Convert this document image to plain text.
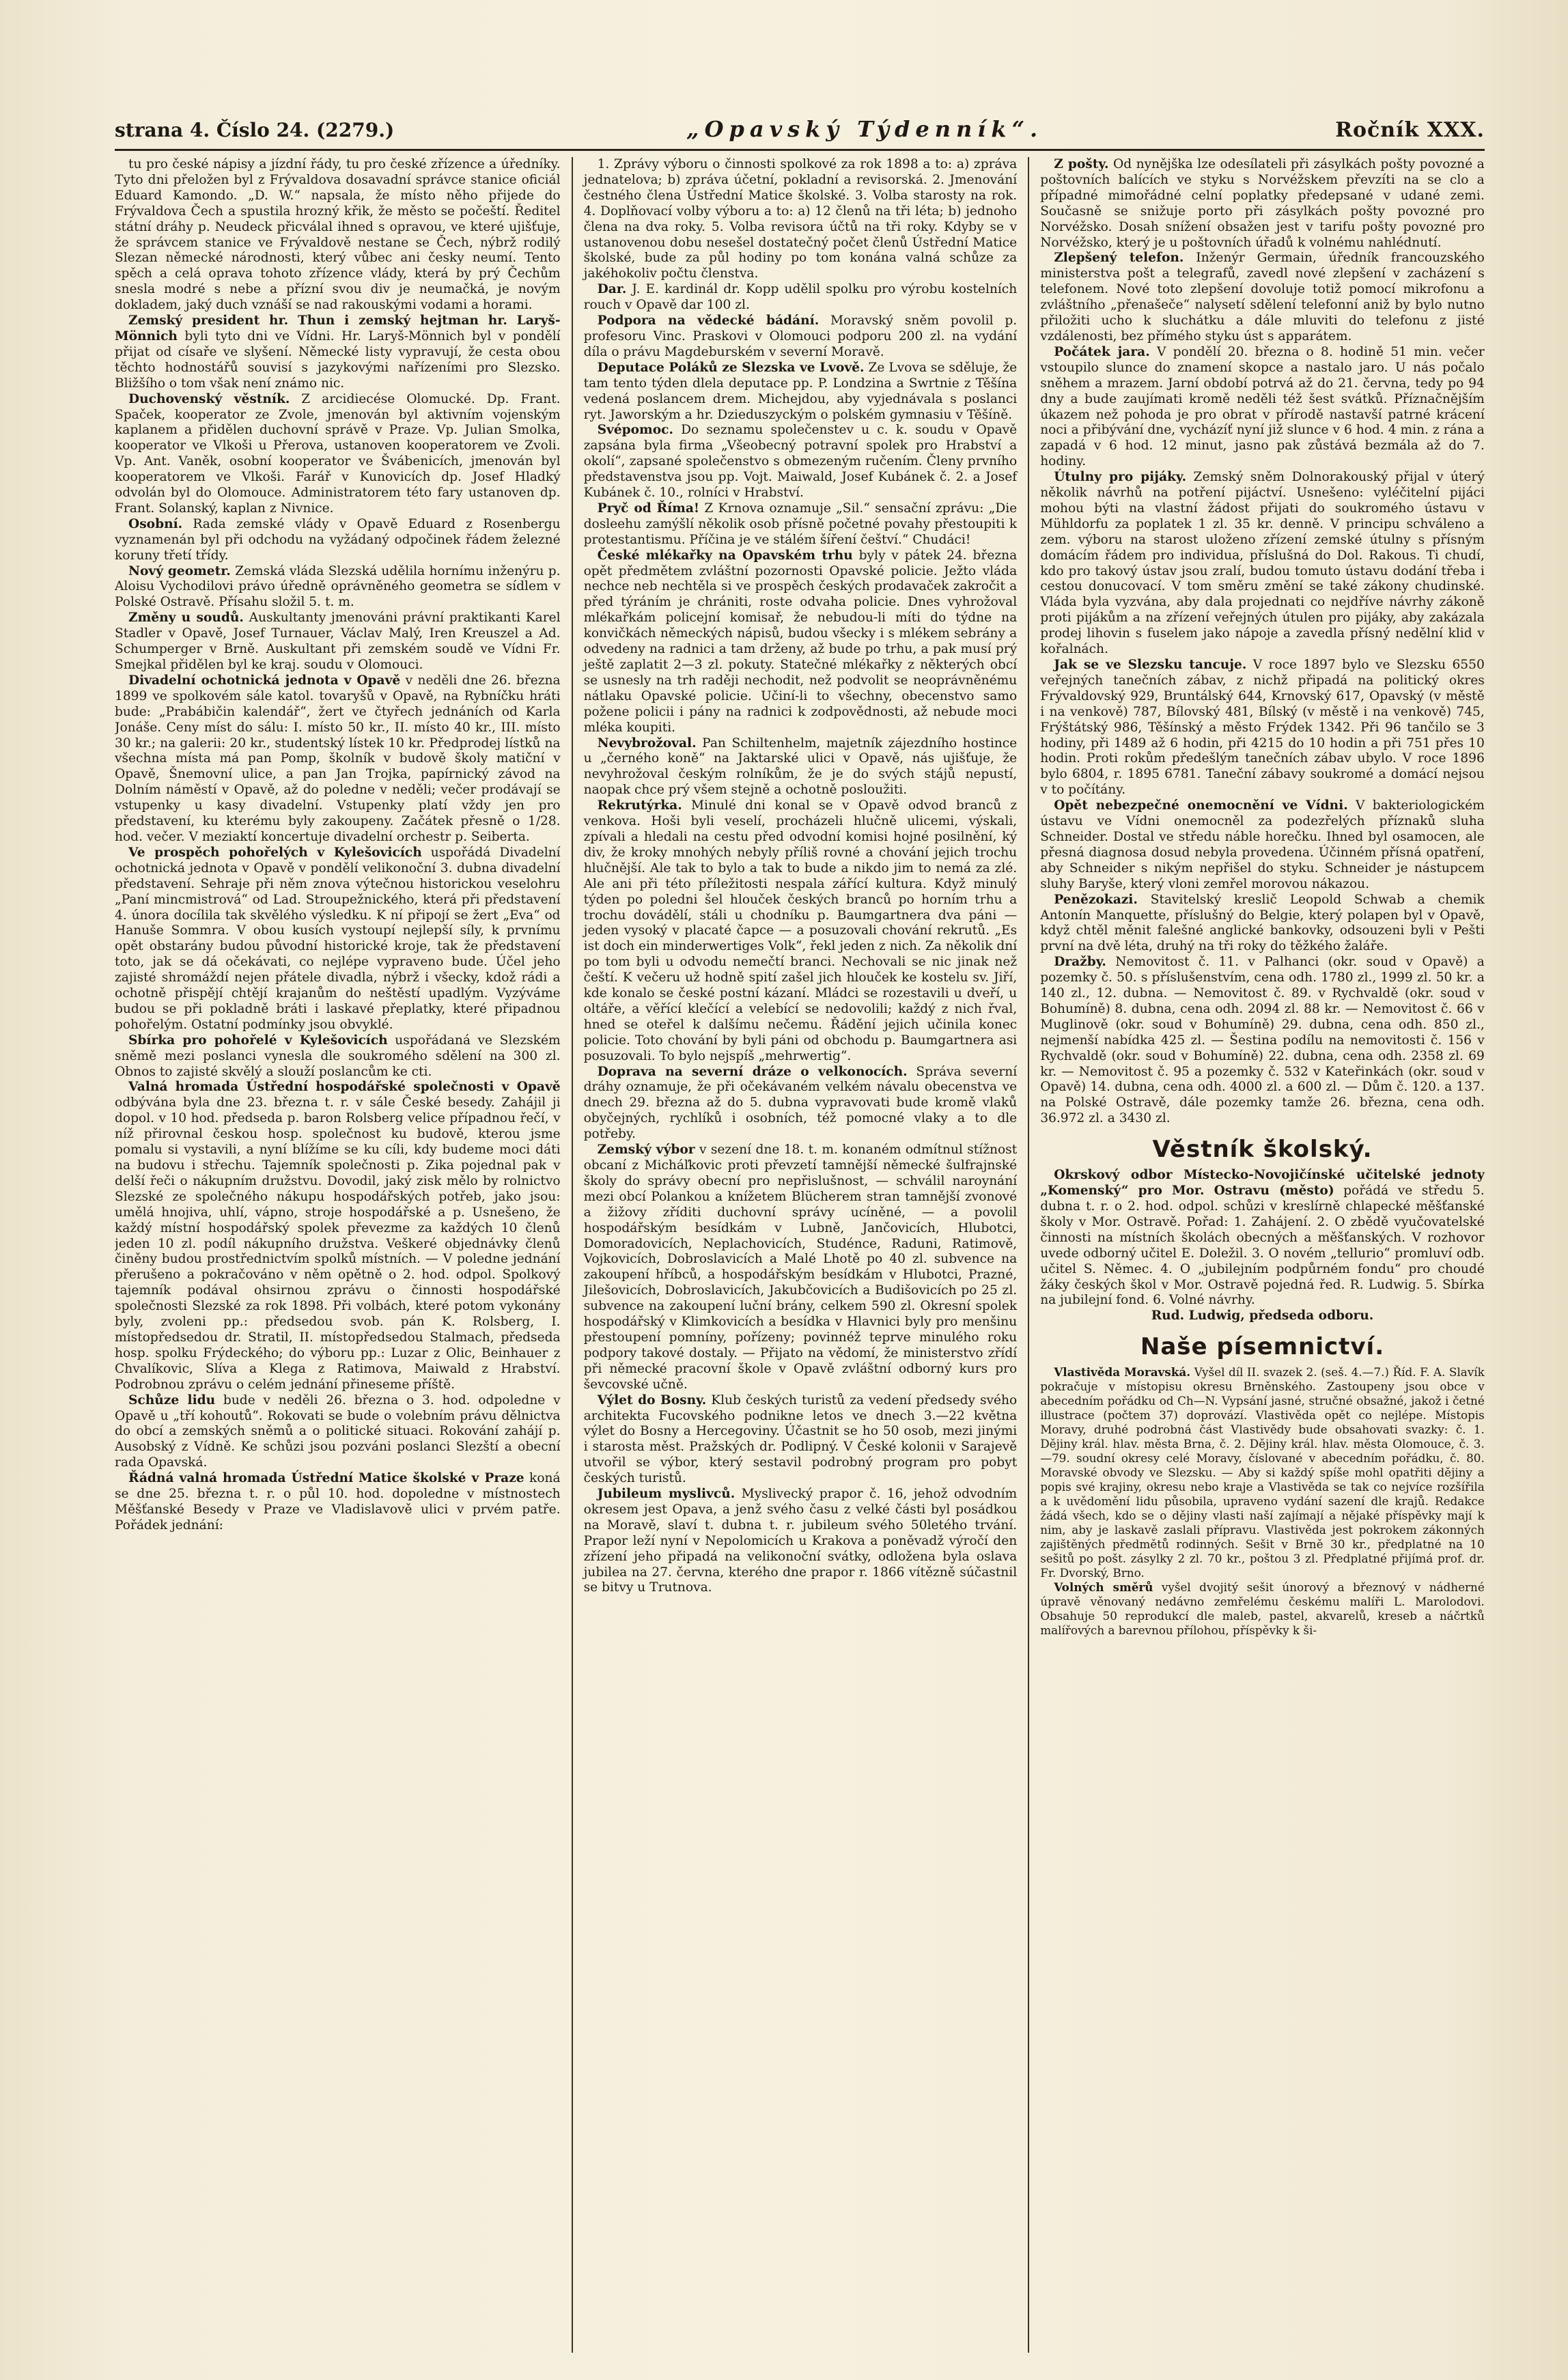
strana 4. Číslo 24. (2279.)	„Opavský Týdenník“.	Ročník XXX.

tu pro české nápisy a jízdní řády, tu pro české zřízence a úředníky. Tyto dni přeložen byl z Frývaldova dosavadní správce stanice oficiál Eduard Kamondo. „D. W.“ napsala, že místo něho přijede do Frývaldova Čech a spustila hrozný křik, že město se počeští. Ředitel státní dráhy p. Neudeck přicválal ihned s opravou, ve které ujišťuje, že správcem stanice ve Frývaldově nestane se Čech, nýbrž rodilý Slezan německé národnosti, který vůbec ani česky neumí. Tento spěch a celá oprava tohoto zřízence vlády, která by prý Čechům snesla modré s nebe a přízní svou div je neumačká, je novým dokladem, jaký duch vznáší se nad rakouskými vodami a horami.

Zemský president hr. Thun i zemský hejtman hr. Laryš-Mönnich byli tyto dni ve Vídni. Hr. Laryš-Mönnich byl v pondělí přijat od císaře ve slyšení. Německé listy vypravují, že cesta obou těchto hodnostářů souvisí s jazykovými nařízeními pro Slezsko. Bližšího o tom však není známo nic.

Duchovenský věstník. Z arcidiecése Olomucké. Dp. Frant. Spaček, kooperator ze Zvole, jmenován byl aktivním vojenským kaplanem a přidělen duchovní správě v Praze. Vp. Julian Smolka, kooperator ve Vlkoši u Přerova, ustanoven kooperatorem ve Zvoli. Vp. Ant. Vaněk, osobní kooperator ve Švábenicích, jmenován byl kooperatorem ve Vlkoši. Farář v Kunovicích dp. Josef Hladký odvolán byl do Olomouce. Administratorem této fary ustanoven dp. Frant. Solanský, kaplan z Nivnice.

Osobní. Rada zemské vlády v Opavě Eduard z Rosenbergu vyznamenán byl při odchodu na vyžádaný odpočinek řádem železné koruny třetí třídy.

Nový geometr. Zemská vláda Slezská udělila hornímu inženýru p. Aloisu Vychodilovi právo úředně oprávněného geometra se sídlem v Polské Ostravě. Přísahu složil 5. t. m.

Změny u soudů. Auskultanty jmenováni právní praktikanti Karel Stadler v Opavě, Josef Turnauer, Václav Malý, Iren Kreuszel a Ad. Schumperger v Brně. Auskultant při zemském soudě ve Vídni Fr. Smejkal přidělen byl ke kraj. soudu v Olomouci.

Divadelní ochotnická jednota v Opavě v neděli dne 26. března 1899 ve spolkovém sále katol. tovaryšů v Opavě, na Rybníčku hráti bude: „Prabábičin kalendář“, žert ve čtyřech jednáních od Karla Jonáše. Ceny míst do sálu: I. místo 50 kr., II. místo 40 kr., III. místo 30 kr.; na galerii: 20 kr., studentský lístek 10 kr. Předprodej lístků na všechna místa má pan Pomp, školník v budově školy matiční v Opavě, Šnemovní ulice, a pan Jan Trojka, papírnický závod na Dolním náměstí v Opavě, až do poledne v neděli; večer prodávají se vstupenky u kasy divadelní. Vstupenky platí vždy jen pro představení, ku kterému byly zakoupeny. Začátek přesně o 1/28. hod. večer. V meziaktí koncertuje divadelní orchestr p. Seiberta.

Ve prospěch pohořelých v Kylešovicích uspořádá Divadelní ochotnická jednota v Opavě v pondělí velikonoční 3. dubna divadelní představení. Sehraje při něm znova výtečnou historickou veselohru „Paní mincmistrová“ od Lad. Stroupežnického, která při představení 4. února docílila tak skvělého výsledku. K ní připojí se žert „Eva“ od Hanuše Sommra. V obou kusích vystoupí nejlepší síly, k prvnímu opět obstarány budou původní historické kroje, tak že představení toto, jak se dá očekávati, co nejlépe vypraveno bude. Účel jeho zajisté shromáždí nejen přátele divadla, nýbrž i všecky, kdož rádi a ochotně přispějí chtějí krajanům do neštěstí upadlým. Vyzýváme budou se při pokladně bráti i laskavé přeplatky, které připadnou pohořelým. Ostatní podmínky jsou obvyklé.

Sbírka pro pohořelé v Kylešovicích uspořádaná ve Slezském sněmě mezi poslanci vynesla dle soukromého sdělení na 300 zl. Obnos to zajisté skvělý a slouží poslancům ke cti.

Valná hromada Ústřední hospodářské společnosti v Opavě odbývána byla dne 23. března t. r. v sále České besedy. Zahájil ji dopol. v 10 hod. předseda p. baron Rolsberg velice případnou řečí, v níž přirovnal českou hosp. společnost ku budově, kterou jsme pomalu si vystavili, a nyní blížíme se ku cíli, kdy budeme moci dáti na budovu i střechu. Tajemník společnosti p. Zika pojednal pak v delší řeči o nákupním družstvu. Dovodil, jaký zisk mělo by rolnictvo Slezské ze společného nákupu hospodářských potřeb, jako jsou: umělá hnojiva, uhlí, vápno, stroje hospodářské a p. Usnešeno, že každý místní hospodářský spolek převezme za každých 10 členů jeden 10 zl. podíl nákupního družstva. Veškeré objednávky členů činěny budou prostřednictvím spolků místních. — V poledne jednání přerušeno a pokračováno v něm opětně o 2. hod. odpol. Spolkový tajemník podával ohsirnou zprávu o činnosti hospodářské společnosti Slezské za rok 1898. Při volbách, které potom vykonány byly, zvoleni pp.: předsedou svob. pán K. Rolsberg, I. místopředsedou dr. Stratil, II. místopředsedou Stalmach, předseda hosp. spolku Frýdeckého; do výboru pp.: Luzar z Olic, Beinhauer z Chvalíkovic, Slíva a Klega z Ratimova, Maiwald z Hrabství. Podrobnou zprávu o celém jednání přineseme příště.

Schůze lidu bude v neděli 26. března o 3. hod. odpoledne v Opavě u „tří kohoutů“. Rokovati se bude o volebním právu dělnictva do obcí a zemských sněmů a o politické situaci. Rokování zahájí p. Ausobský z Vídně. Ke schůzi jsou pozváni poslanci Slezští a obecní rada Opavská.

Řádná valná hromada Ústřední Matice školské v Praze koná se dne 25. března t. r. o půl 10. hod. dopoledne v místnostech Měšťanské Besedy v Praze ve Vladislavově ulici v prvém patře. Pořádek jednání:

1. Zprávy výboru o činnosti spolkové za rok 1898 a to: a) zpráva jednatelova; b) zpráva účetní, pokladní a revisorská. 2. Jmenování čestného člena Ústřední Matice školské. 3. Volba starosty na rok. 4. Doplňovací volby výboru a to: a) 12 členů na tři léta; b) jednoho člena na dva roky. 5. Volba revisora účtů na tři roky. Kdyby se v ustanovenou dobu nesešel dostatečný počet členů Ústřední Matice školské, bude za půl hodiny po tom konána valná schůze za jakéhokoliv počtu členstva.

Dar. J. E. kardinál dr. Kopp udělil spolku pro výrobu kostelních rouch v Opavě dar 100 zl.

Podpora na vědecké bádání. Moravský sněm povolil p. profesoru Vinc. Praskovi v Olomouci podporu 200 zl. na vydání díla o právu Magdeburském v severní Moravě.

Deputace Poláků ze Slezska ve Lvově. Ze Lvova se sděluje, že tam tento týden dlela deputace pp. P. Londzina a Swrtnie z Těšína vedená poslancem drem. Michejdou, aby vyjednávala s poslanci ryt. Jaworským a hr. Dzieduszyckým o polském gymnasiu v Těšíně.

Svépomoc. Do seznamu společenstev u c. k. soudu v Opavě zapsána byla firma „Všeobecný potravní spolek pro Hrabství a okolí“, zapsané společenstvo s obmezeným ručením. Členy prvního představenstva jsou pp. Vojt. Maiwald, Josef Kubánek č. 2. a Josef Kubánek č. 10., rolníci v Hrabství.

Pryč od Říma! Z Krnova oznamuje „Sil.“ sensační zprávu: „Die dosleehu zamýšlí několik osob přísně početné povahy přestoupiti k protestantismu. Příčina je ve stálém šíření češtví.“ Chudáci!

České mlékařky na Opavském trhu byly v pátek 24. března opět předmětem zvláštní pozornosti Opavské policie. Ježto vláda nechce neb nechtěla si ve prospěch českých prodavaček zakročit a před týráním je chrániti, roste odvaha policie. Dnes vyhrožoval mlékařkám policejní komisař, že nebudou-li míti do týdne na konvičkách německých nápisů, budou všecky i s mlékem sebrány a odvedeny na radnici a tam drženy, až bude po trhu, a pak musí prý ještě zaplatit 2—3 zl. pokuty. Statečné mlékařky z některých obcí se usnesly na trh raději nechodit, než podvolit se neoprávněnému nátlaku Opavské policie. Učiní-li to všechny, obecenstvo samo požene policii i pány na radnici k zodpovědnosti, až nebude moci mléka koupiti.

Nevybrožoval. Pan Schiltenhelm, majetník zájezdního hostince u „černého koně“ na Jaktarské ulici v Opavě, nás ujišťuje, že nevyhrožoval českým rolníkům, že je do svých stájů nepustí, naopak chce prý všem stejně a ochotně posloužiti.

Rekrutýrka. Minulé dni konal se v Opavě odvod branců z venkova. Hoši byli veselí, procházeli hlučně ulicemi, výskali, zpívali a hledali na cestu před odvodní komisi hojné posilnění, ký div, že kroky mnohých nebyly příliš rovné a chování jejich trochu hlučnější. Ale tak to bylo a tak to bude a nikdo jim to nemá za zlé. Ale ani při této příležitosti nespala zářící kultura. Když minulý týden po poledni šel hlouček českých branců po horním trhu a trochu dovádělí, stáli u chodníku p. Baumgartnera dva páni — jeden vysoký v placaté čapce — a posuzovali chování rekrutů. „Es ist doch ein minderwertiges Volk“, řekl jeden z nich. Za několik dní po tom byli u odvodu nemečtí branci. Nechovali se nic jinak než čeští. K večeru už hodně spití zašel jich hlouček ke kostelu sv. Jiří, kde konalo se české postní kázaní. Mládci se rozestavili u dveří, u oltáře, a věřící klečící a velebící se nedovolili; každý z nich řval, hned se oteřel k dalšímu nečemu. Řádění jejich učinila konec policie. Toto chování by byli páni od obchodu p. Baumgartnera asi posuzovali. To bylo nejspíš „mehrwertig“.

Doprava na severní dráze o velkonocích. Správa severní dráhy oznamuje, že při očekávaném velkém návalu obecenstva ve dnech 29. března až do 5. dubna vypravovati bude kromě vlaků obyčejných, rychlíků i osobních, též pomocné vlaky a to dle potřeby.

Zemský výbor v sezení dne 18. t. m. konaném odmítnul stížnost obcaní z Micháľkovic proti převzetí tamnější německé šulfrajnské školy do správy obecní pro nepřislušnost, — schválil naroynání mezi obcí Polankou a knížetem Blücherem stran tamnější zvonové a žižovy zříditi duchovní správy ucíněné, — a povolil hospodářským besídkám v Lubně, Jančovicích, Hlubotci, Domoradovicích, Neplachovicích, Studénce, Raduni, Ratimově, Vojkovicích, Dobroslavicích a Malé Lhotě po 40 zl. subvence na zakoupení hříbců, a hospodářským besídkám v Hlubotci, Prazné, Jilešovicích, Dobroslavicích, Jakubčovicích a Budišovicích po 25 zl. subvence na zakoupení luční brány, celkem 590 zl. Okresní spolek hospodářský v Klimkovicích a besídka v Hlavnici byly pro menšinu přestoupení pomníny, pořízeny; povinnéž teprve minulého roku podpory takové dostaly. — Přijato na vědomí, že ministerstvo zřídí při německé pracovní škole v Opavě zvláštní odborný kurs pro ševcovské učně.

Výlet do Bosny. Klub českých turistů za vedení předsedy svého architekta Fucovského podnikne letos ve dnech 3.—22 května výlet do Bosny a Hercegoviny. Účastnit se ho 50 osob, mezi jinými i starosta měst. Pražských dr. Podlipný. V České kolonii v Sarajevě utvořil se výbor, který sestavil podrobný program pro pobyt českých turistů.

Jubileum myslivců. Myslivecký prapor č. 16, jehož odvodním okresem jest Opava, a jenž svého času z velké části byl posádkou na Moravě, slaví t. dubna t. r. jubileum svého 50letého trvání. Prapor leží nyní v Nepolomicích u Krakova a poněvadž výročí den zřízení jeho připadá na velikonoční svátky, odložena byla oslava jubilea na 27. června, kterého dne prapor r. 1866 vítězně súčastnil se bitvy u Trutnova.

Z pošty. Od nynějška lze odesílateli při zásylkách pošty povozné a poštovních balících ve styku s Norvéžskem převzíti na se clo a případné mimořádné celní poplatky předepsané v udané zemi. Současně se snižuje porto při zásylkách pošty povozné pro Norvéžsko. Dosah snížení obsažen jest v tarifu pošty povozné pro Norvéžsko, který je u poštovních úřadů k volnému nahlédnutí.

Zlepšený telefon. Inženýr Germain, úředník francouzského ministerstva pošt a telegrafů, zavedl nové zlepšení v zacházení s telefonem. Nové toto zlepšení dovoluje totiž pomocí mikrofonu a zvláštního „přenašeče“ nalysetí sdělení telefonní aniž by bylo nutno přiložiti ucho k sluchátku a dále mluviti do telefonu z jisté vzdálenosti, bez přímého styku úst s apparátem.

Počátek jara. V pondělí 20. března o 8. hodině 51 min. večer vstoupilo slunce do znamení skopce a nastalo jaro. U nás počalo sněhem a mrazem. Jarní období potrvá až do 21. června, tedy po 94 dny a bude zaujímati kromě neděli též šest svátků. Příznačnějším úkazem než pohoda je pro obrat v přírodě nastavší patrné krácení noci a přibývání dne, vycházíť nyní již slunce v 6 hod. 4 min. z rána a zapadá v 6 hod. 12 minut, jasno pak zůstává bezmála až do 7. hodiny.

Útulny pro pijáky. Zemský sněm Dolnorakouský přijal v úterý několik návrhů na potření pijáctví. Usnešeno: vyléčitelní pijáci mohou býti na vlastní žádost přijati do soukromého ústavu v Mühldorfu za poplatek 1 zl. 35 kr. denně. V principu schváleno a zem. výboru na starost uloženo zřízení zemské útulny s přísným domácím řádem pro individua, příslušná do Dol. Rakous. Ti chudí, kdo pro takový ústav jsou zralí, budou tomuto ústavu dodání třeba i cestou donucovací. V tom směru změní se také zákony chudinské. Vláda byla vyzvána, aby dala projednati co nejdříve návrhy zákoně proti pijákům a na zřízení veřejných útulen pro pijáky, aby zakázala prodej lihovin s fuselem jako nápoje a zavedla přísný nedělní klid v kořalnách.

Jak se ve Slezsku tancuje. V roce 1897 bylo ve Slezsku 6550 veřejných tanečních zábav, z nichž připadá na politický okres Frývaldovský 929, Bruntálský 644, Krnovský 617, Opavský (v městě i na venkově) 787, Bílovský 481, Bílský (v městě i na venkově) 745, Frýštátský 986, Těšínský a město Frýdek 1342. Při 96 tančilo se 3 hodiny, při 1489 až 6 hodin, při 4215 do 10 hodin a při 751 přes 10 hodin. Proti rokům předešlým tanečních zábav ubylo. V roce 1896 bylo 6804, r. 1895 6781. Taneční zábavy soukromé a domácí nejsou v to počítány.

Opět nebezpečné onemocnění ve Vídni. V bakteriologickém ústavu ve Vídni onemocněl za podezřelých příznaků sluha Schneider. Dostal ve středu náble horečku. Ihned byl osamocen, ale přesná diagnosa dosud nebyla provedena. Účinném přísná opatření, aby Schneider s nikým nepřišel do styku. Schneider je nástupcem sluhy Baryše, který vloni zemřel morovou nákazou.

Penězokazi. Stavitelský kreslič Leopold Schwab a chemik Antonín Manquette, příslušný do Belgie, který polapen byl v Opavě, když chtěl měnit falešné anglické bankovky, odsouzeni byli v Pešti první na dvě léta, druhý na tři roky do těžkého žaláře.

Dražby. Nemovitost č. 11. v Palhanci (okr. soud v Opavě) a pozemky č. 50. s příslušenstvím, cena odh. 1780 zl., 1999 zl. 50 kr. a 140 zl., 12. dubna. — Nemovitost č. 89. v Rychvaldě (okr. soud v Bohumíně) 8. dubna, cena odh. 2094 zl. 88 kr. — Nemovitost č. 66 v Muglinově (okr. soud v Bohumíně) 29. dubna, cena odh. 850 zl., nejmenší nabídka 425 zl. — Šestina podílu na nemovitosti č. 156 v Rychvaldě (okr. soud v Bohumíně) 22. dubna, cena odh. 2358 zl. 69 kr. — Nemovitost č. 95 a pozemky č. 532 v Kateřinkách (okr. soud v Opavě) 14. dubna, cena odh. 4000 zl. a 600 zl. — Dům č. 120. a 137. na Polské Ostravě, dále pozemky tamže 26. března, cena odh. 36.972 zl. a 3430 zl.

Věstník školský.

Okrskový odbor Místecko-Novojičínské učitelské jednoty „Komenský“ pro Mor. Ostravu (město) pořádá ve středu 5. dubna t. r. o 2. hod. odpol. schůzi v kreslírně chlapecké měšťanské školy v Mor. Ostravě. Pořad: 1. Zahájení. 2. O zbědě vyučovatelské činnosti na místních školách obecných a měšťanských. V rozhovor uvede odborný učitel E. Doležil. 3. O novém „tellurio“ promluví odb. učitel S. Němec. 4. O „jubilejním podpůrném fondu“ pro choudé žáky českých škol v Mor. Ostravě pojedná řed. R. Ludwig. 5. Sbírka na jubilejní fond. 6. Volné návrhy.

Rud. Ludwig, předseda odboru.

Naše písemnictví.

Vlastivěda Moravská. Vyšel díl II. svazek 2. (seš. 4.—7.) Říd. F. A. Slavík pokračuje v místopisu okresu Brněnského. Zastoupeny jsou obce v abecedním pořádku od Ch—N. Vypsání jasné, stručné obsažné, jakož i četné illustrace (počtem 37) doprovází. Vlastivěda opět co nejlépe. Místopis Moravy, druhé podrobná část Vlastivědy bude obsahovati svazky: č. 1. Dějiny král. hlav. města Brna, č. 2. Dějiny král. hlav. města Olomouce, č. 3.—79. soudní okresy celé Moravy, číslované v abecedním pořádku, č. 80. Moravské obvody ve Slezsku. — Aby si každý spíše mohl opatřiti dějiny a popis své krajiny, okresu nebo kraje a Vlastivěda se tak co nejvíce rozšířila a k uvědomění lidu působila, upraveno vydání sazení dle krajů. Redakce žádá všech, kdo se o dějiny vlasti naší zajímají a nějaké příspěvky mají k nim, aby je laskavě zaslali přípravu. Vlastivěda jest pokrokem zákonných zajištěných předmětů rodinných. Sešit v Brně 30 kr., předplatné na 10 sešitů po pošt. zásylky 2 zl. 70 kr., poštou 3 zl. Předplatné přijímá prof. dr. Fr. Dvorský, Brno.

Volných směrů vyšel dvojitý sešit únorový a březnový v nádherné úpravě věnovaný nedávno zemřelému českému malíři L. Marolodovi. Obsahuje 50 reprodukcí dle maleb, pastel, akvarelů, kreseb a náčrtků malířových a barevnou přílohou, příspěvky k ši-
